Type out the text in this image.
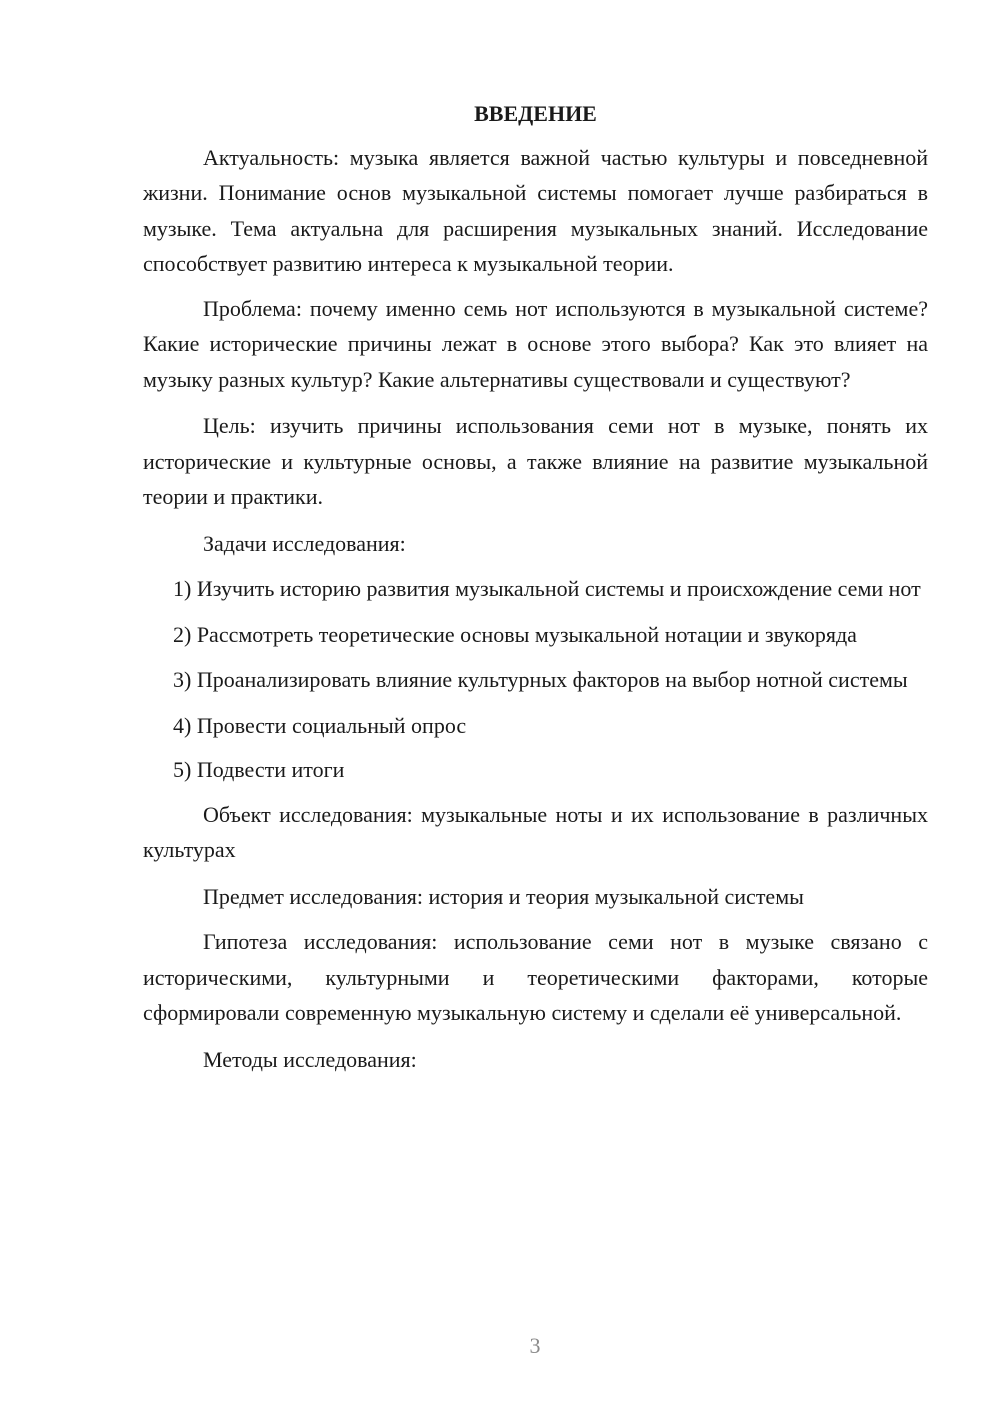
ВВЕДЕНИЕ

Актуальность: музыка является важной частью культуры и повседневной жизни. Понимание основ музыкальной системы помогает лучше разбираться в музыке. Тема актуальна для расширения музыкальных знаний. Исследование способствует развитию интереса к музыкальной теории.

Проблема: почему именно семь нот используются в музыкальной системе? Какие исторические причины лежат в основе этого выбора? Как это влияет на музыку разных культур? Какие альтернативы существовали и существуют?

Цель: изучить причины использования семи нот в музыке, понять их исторические и культурные основы, а также влияние на развитие музыкальной теории и практики.

Задачи исследования:

1) Изучить историю развития музыкальной системы и происхождение семи нот

2) Рассмотреть теоретические основы музыкальной нотации и звукоряда

3) Проанализировать влияние культурных факторов на выбор нотной системы

4) Провести социальный опрос

5) Подвести итоги

Объект исследования: музыкальные ноты и их использование в различных культурах

Предмет исследования: история и теория музыкальной системы

Гипотеза исследования: использование семи нот в музыке связано с историческими, культурными и теоретическими факторами, которые сформировали современную музыкальную систему и сделали её универсальной.

Методы исследования:

3
